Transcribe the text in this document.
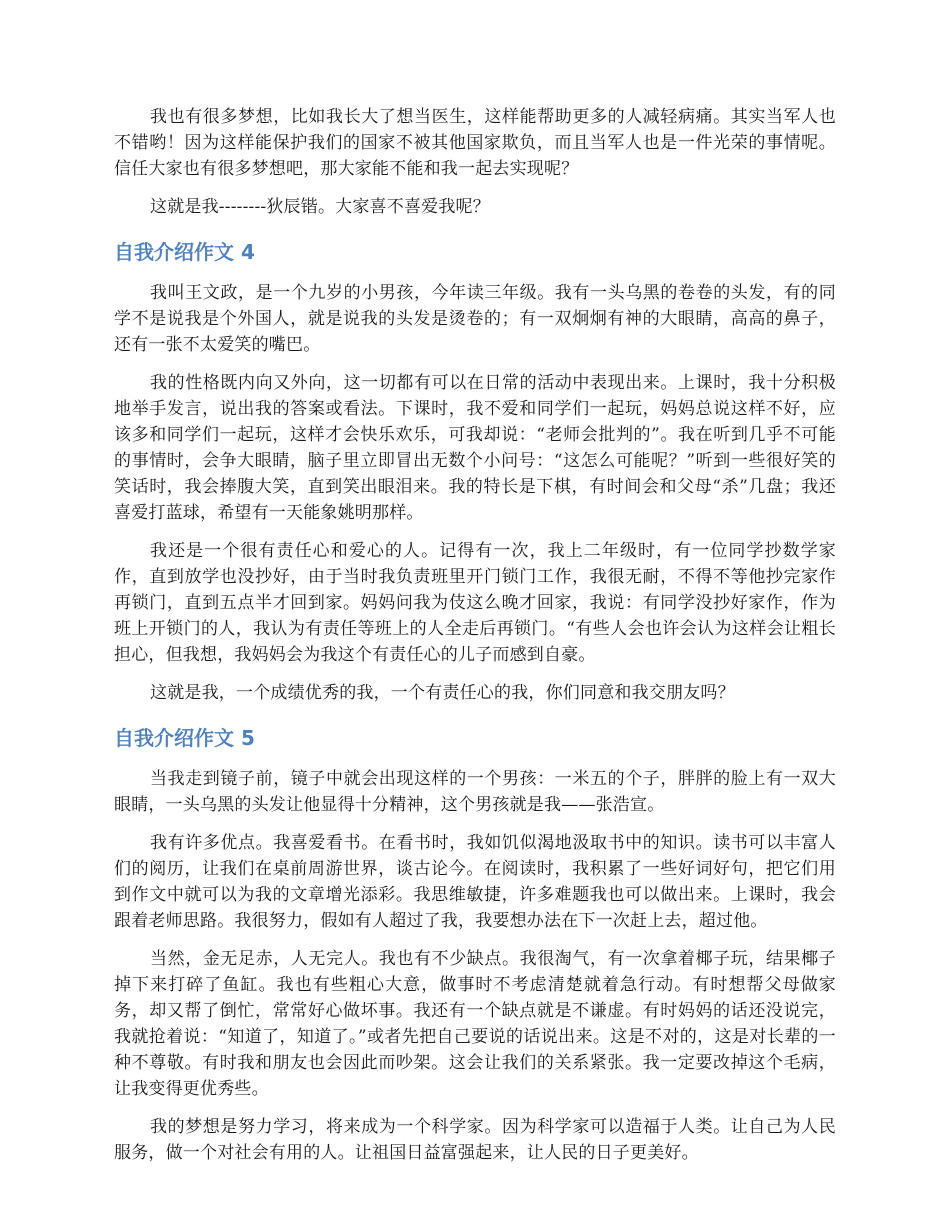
我也有很多梦想，比如我长大了想当医生，这样能帮助更多的人减轻病痛。其实当军人也不错哟！因为这样能保护我们的国家不被其他国家欺负，而且当军人也是一件光荣的事情呢。信任大家也有很多梦想吧，那大家能不能和我一起去实现呢？

这就是我--------狄辰锴。大家喜不喜爱我呢？

自我介绍作文 4

我叫王文政，是一个九岁的小男孩，今年读三年级。我有一头乌黑的卷卷的头发，有的同学不是说我是个外国人，就是说我的头发是烫卷的；有一双炯炯有神的大眼睛，高高的鼻子，还有一张不太爱笑的嘴巴。

我的性格既内向又外向，这一切都有可以在日常的活动中表现出来。上课时，我十分积极地举手发言，说出我的答案或看法。下课时，我不爱和同学们一起玩，妈妈总说这样不好，应该多和同学们一起玩，这样才会快乐欢乐，可我却说：“老师会批判的”。我在听到几乎不可能的事情时，会争大眼睛，脑子里立即冒出无数个小问号：“这怎么可能呢？”听到一些很好笑的笑话时，我会捧腹大笑，直到笑出眼泪来。我的特长是下棋，有时间会和父母“杀”几盘；我还喜爱打蓝球，希望有一天能象姚明那样。

我还是一个很有责任心和爱心的人。记得有一次，我上二年级时，有一位同学抄数学家作，直到放学也没抄好，由于当时我负责班里开门锁门工作，我很无耐，不得不等他抄完家作再锁门，直到五点半才回到家。妈妈问我为伎这么晚才回家，我说：有同学没抄好家作，作为班上开锁门的人，我认为有责任等班上的人全走后再锁门。“有些人会也许会认为这样会让粗长担心，但我想，我妈妈会为我这个有责任心的儿子而感到自豪。

这就是我，一个成绩优秀的我，一个有责任心的我，你们同意和我交朋友吗？

自我介绍作文 5

当我走到镜子前，镜子中就会出现这样的一个男孩：一米五的个子，胖胖的脸上有一双大眼睛，一头乌黑的头发让他显得十分精神，这个男孩就是我——张浩宣。

我有许多优点。我喜爱看书。在看书时，我如饥似渴地汲取书中的知识。读书可以丰富人们的阅历，让我们在桌前周游世界，谈古论今。在阅读时，我积累了一些好词好句，把它们用到作文中就可以为我的文章增光添彩。我思维敏捷，许多难题我也可以做出来。上课时，我会跟着老师思路。我很努力，假如有人超过了我，我要想办法在下一次赶上去，超过他。

当然，金无足赤，人无完人。我也有不少缺点。我很淘气，有一次拿着椰子玩，结果椰子掉下来打碎了鱼缸。我也有些粗心大意，做事时不考虑清楚就着急行动。有时想帮父母做家务，却又帮了倒忙，常常好心做坏事。我还有一个缺点就是不谦虚。有时妈妈的话还没说完，我就抢着说：“知道了，知道了。”或者先把自己要说的话说出来。这是不对的，这是对长辈的一种不尊敬。有时我和朋友也会因此而吵架。这会让我们的关系紧张。我一定要改掉这个毛病，让我变得更优秀些。

我的梦想是努力学习，将来成为一个科学家。因为科学家可以造福于人类。让自己为人民服务，做一个对社会有用的人。让祖国日益富强起来，让人民的日子更美好。
